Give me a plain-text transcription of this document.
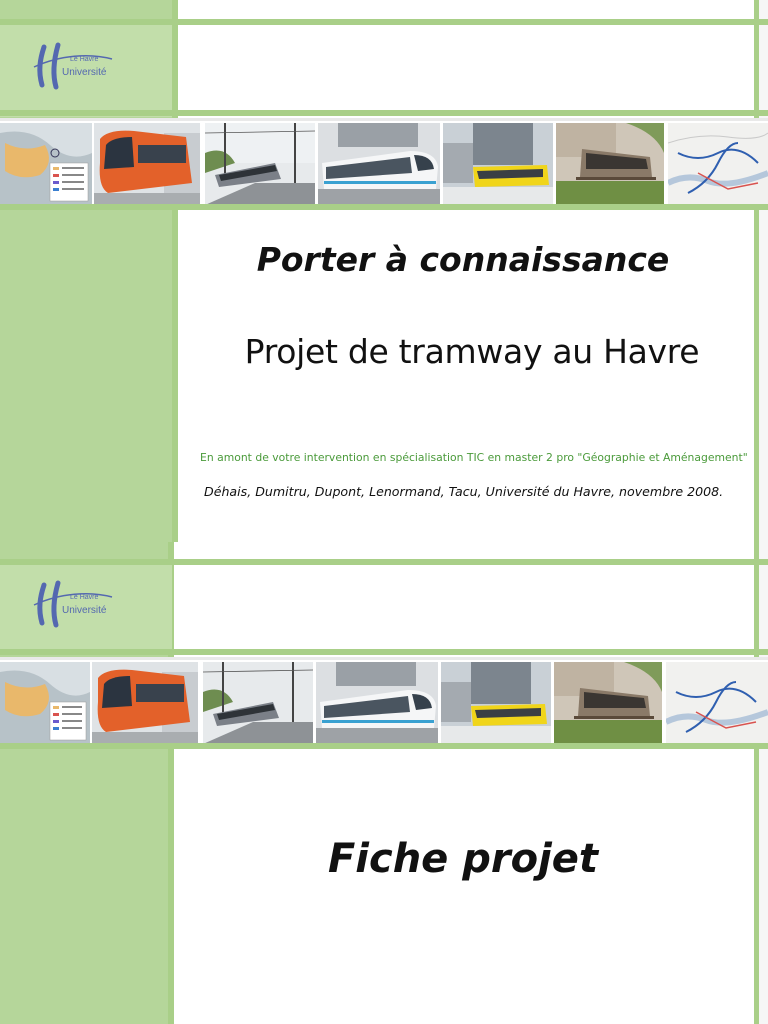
Le Havre
Université
Porter à connaissance
Projet de tramway au Havre
En amont de votre intervention en spécialisation TIC en master 2 pro "Géographie et Aménagement"
Déhais, Dumitru, Dupont, Lenormand, Tacu, Université du Havre, novembre 2008.
Le Havre
Université
Fiche projet
